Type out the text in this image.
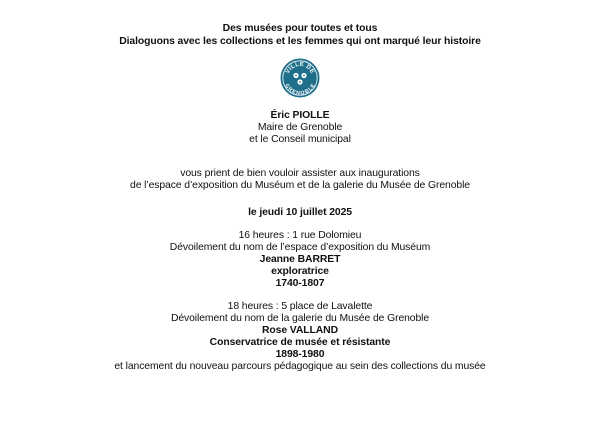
Des musées pour toutes et tous
Dialoguons avec les collections et les femmes qui ont marqué leur histoire
VILLE DE
GRENOBLE
Éric PIOLLE
Maire de Grenoble
et le Conseil municipal
vous prient de bien vouloir assister aux inaugurations
de l’espace d’exposition du Muséum et de la galerie du Musée de Grenoble
le jeudi 10 juillet 2025
16 heures : 1 rue Dolomieu
Dévoilement du nom de l’espace d’exposition du Muséum
Jeanne BARRET
exploratrice
1740-1807
18 heures : 5 place de Lavalette
Dévoilement du nom de la galerie du Musée de Grenoble
Rose VALLAND
Conservatrice de musée et résistante
1898-1980
et lancement du nouveau parcours pédagogique au sein des collections du musée
